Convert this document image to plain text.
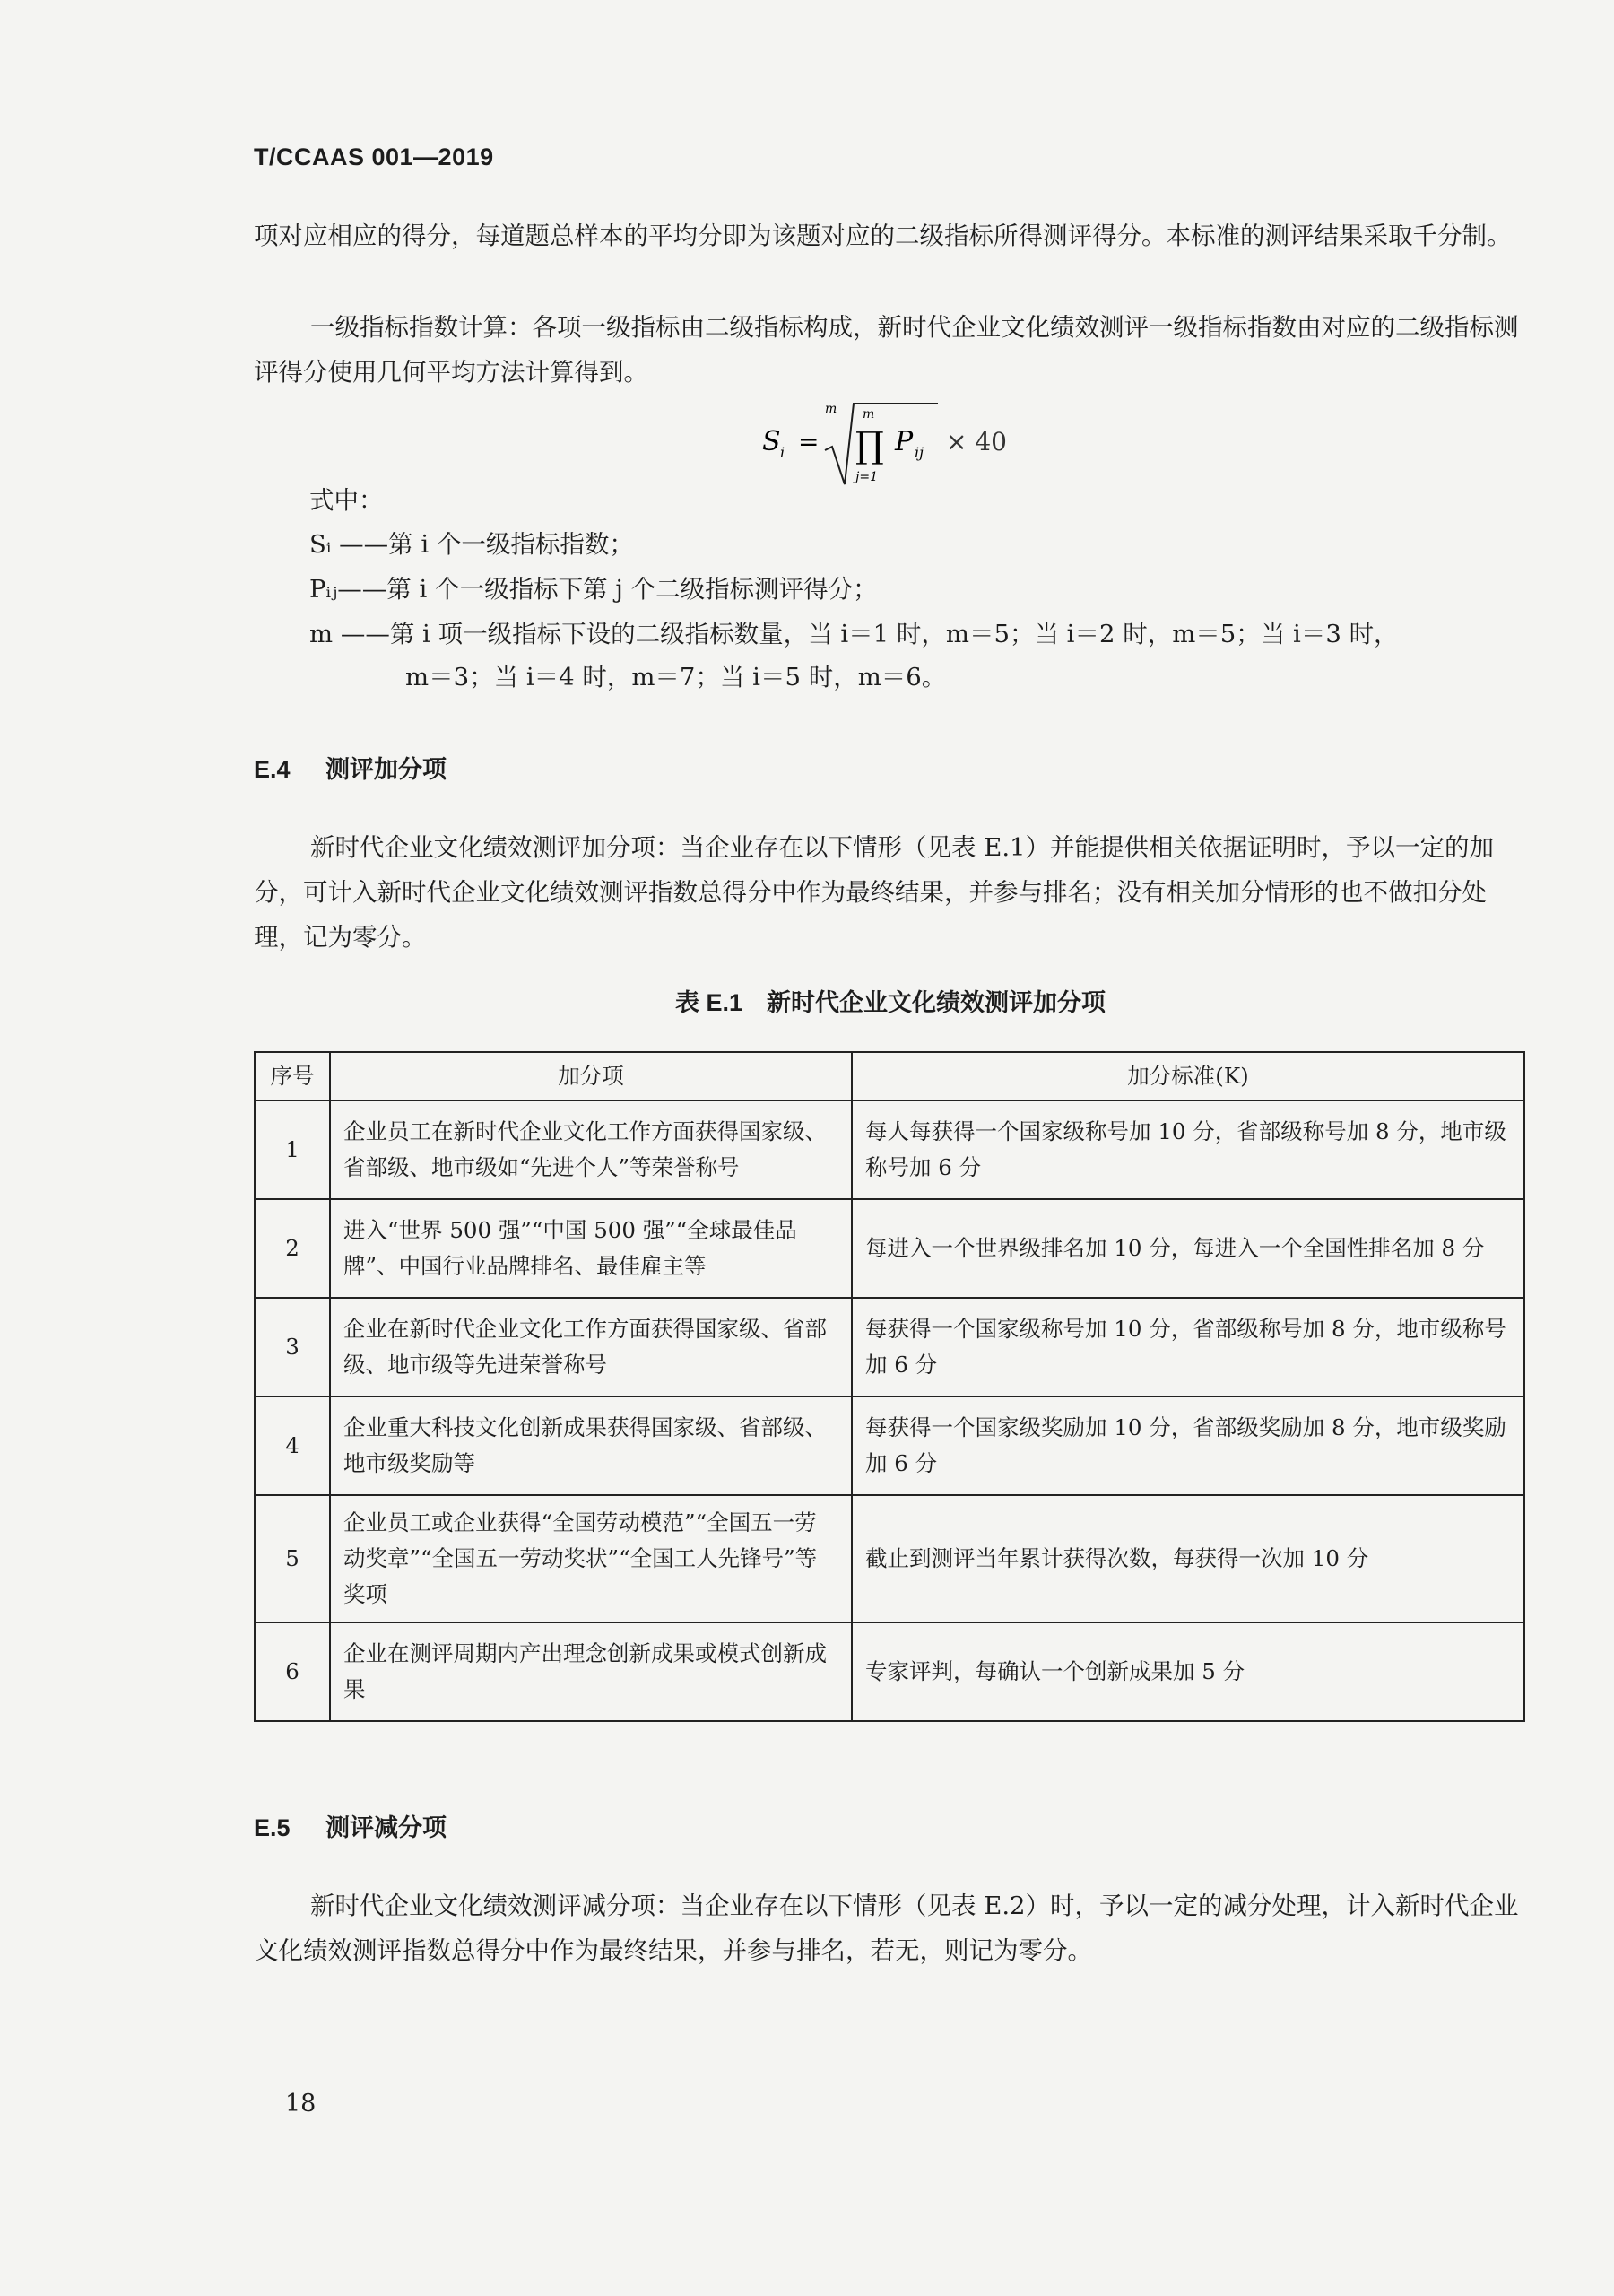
T/CCAAS 001—2019
项对应相应的得分，每道题总样本的平均分即为该题对应的二级指标所得测评得分。本标准的测评结果采取千分制。
一级指标指数计算：各项一级指标由二级指标构成，新时代企业文化绩效测评一级指标指数由对应的二级指标测评得分使用几何平均方法计算得到。
S i =
m m
∏
j=1
P ij × 40
式中：
Sᵢ ——第 i 个一级指标指数；
Pᵢⱼ——第 i 个一级指标下第 j 个二级指标测评得分；
m ——第 i 项一级指标下设的二级指标数量，当 i＝1 时，m＝5；当 i＝2 时，m＝5；当 i＝3 时，
m＝3；当 i＝4 时，m＝7；当 i＝5 时，m＝6。
E.4 测评加分项
新时代企业文化绩效测评加分项：当企业存在以下情形（见表 E.1）并能提供相关依据证明时，予以一定的加分，可计入新时代企业文化绩效测评指数总得分中作为最终结果，并参与排名；没有相关加分情形的也不做扣分处理，记为零分。
表 E.1　新时代企业文化绩效测评加分项
序号	加分项	加分标准(K)
1	企业员工在新时代企业文化工作方面获得国家级、省部级、地市级如“先进个人”等荣誉称号	每人每获得一个国家级称号加 10 分，省部级称号加 8 分，地市级称号加 6 分
2	进入“世界 500 强”“中国 500 强”“全球最佳品牌”、中国行业品牌排名、最佳雇主等	每进入一个世界级排名加 10 分，每进入一个全国性排名加 8 分
3	企业在新时代企业文化工作方面获得国家级、省部级、地市级等先进荣誉称号	每获得一个国家级称号加 10 分，省部级称号加 8 分，地市级称号加 6 分
4	企业重大科技文化创新成果获得国家级、省部级、地市级奖励等	每获得一个国家级奖励加 10 分，省部级奖励加 8 分，地市级奖励加 6 分
5	企业员工或企业获得“全国劳动模范”“全国五一劳动奖章”“全国五一劳动奖状”“全国工人先锋号”等奖项	截止到测评当年累计获得次数，每获得一次加 10 分
6	企业在测评周期内产出理念创新成果或模式创新成果	专家评判，每确认一个创新成果加 5 分
E.5 测评减分项
新时代企业文化绩效测评减分项：当企业存在以下情形（见表 E.2）时，予以一定的减分处理，计入新时代企业文化绩效测评指数总得分中作为最终结果，并参与排名，若无，则记为零分。
18
